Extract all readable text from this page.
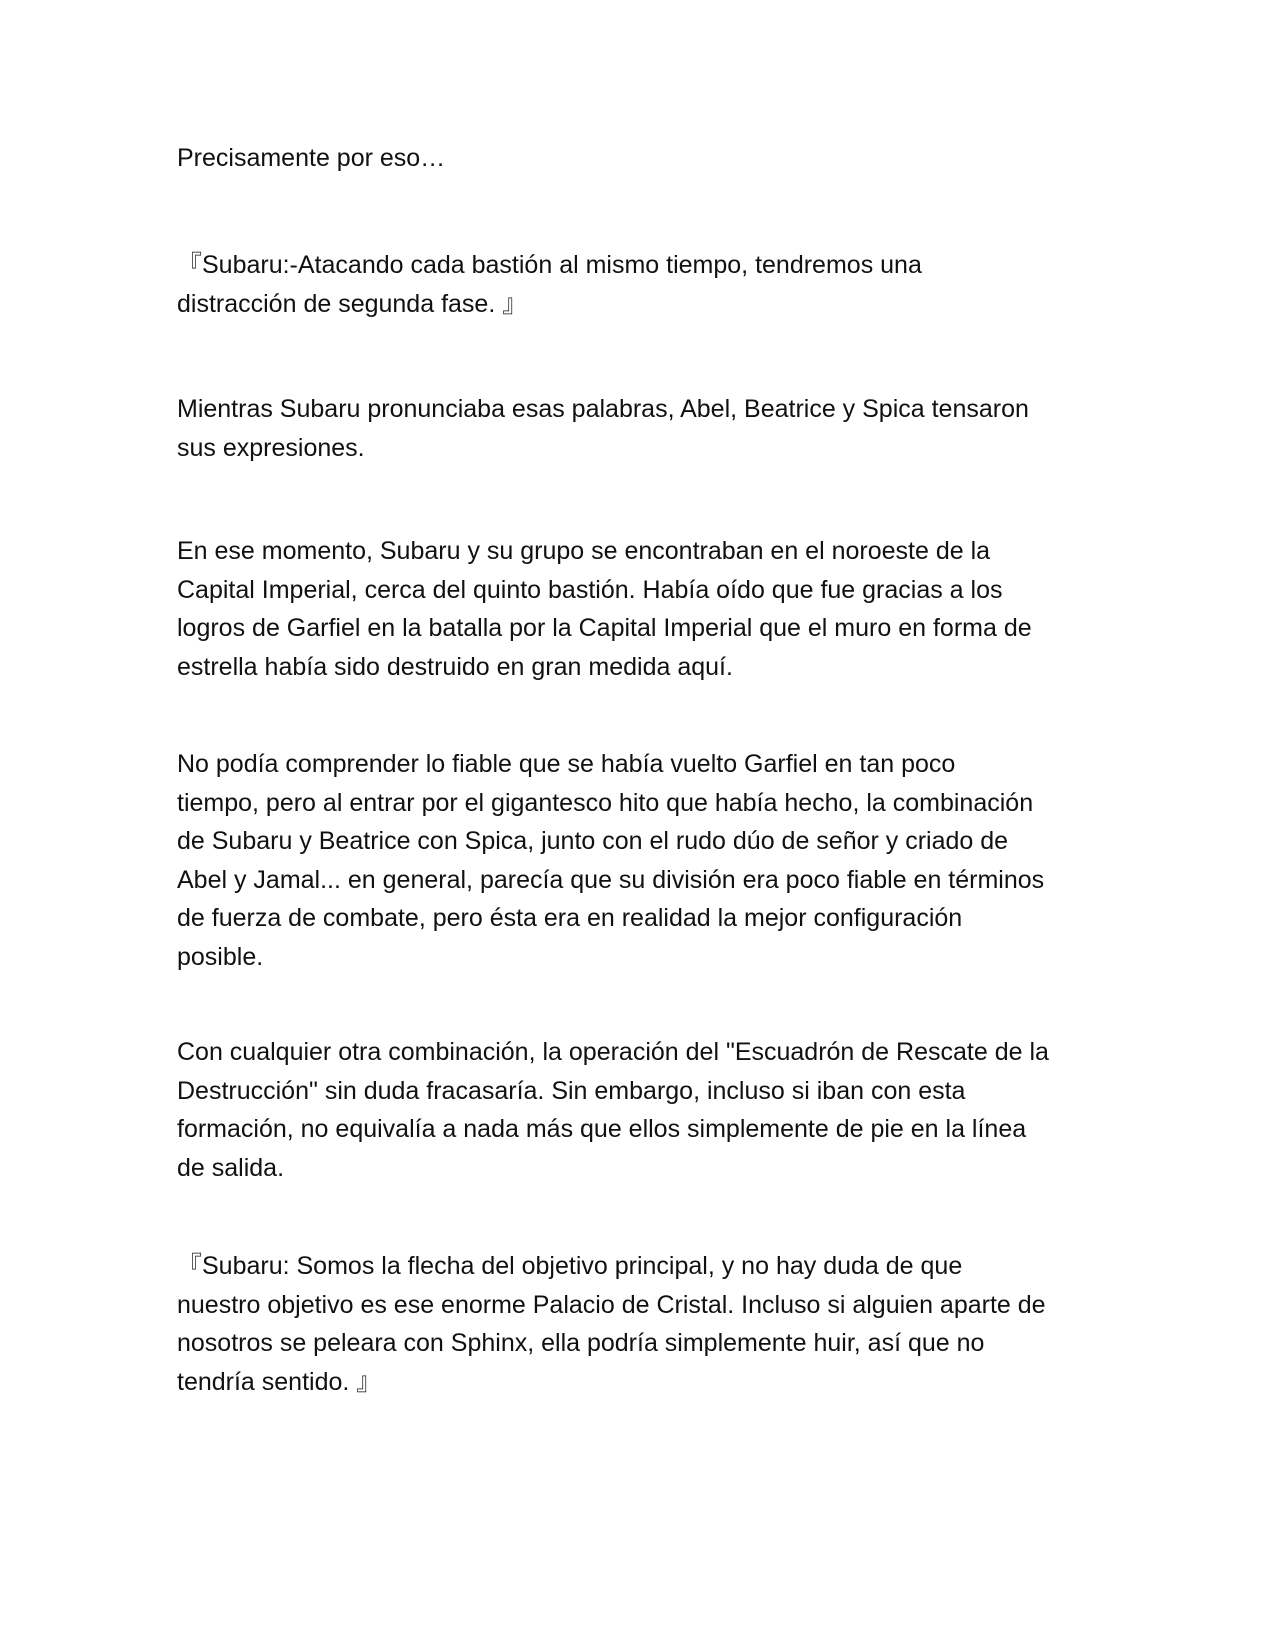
Precisamente por eso…

『Subaru:-Atacando cada bastión al mismo tiempo, tendremos una
distracción de segunda fase. 』

Mientras Subaru pronunciaba esas palabras, Abel, Beatrice y Spica tensaron
sus expresiones.

En ese momento, Subaru y su grupo se encontraban en el noroeste de la
Capital Imperial, cerca del quinto bastión. Había oído que fue gracias a los
logros de Garfiel en la batalla por la Capital Imperial que el muro en forma de
estrella había sido destruido en gran medida aquí.

No podía comprender lo fiable que se había vuelto Garfiel en tan poco
tiempo, pero al entrar por el gigantesco hito que había hecho, la combinación
de Subaru y Beatrice con Spica, junto con el rudo dúo de señor y criado de
Abel y Jamal... en general, parecía que su división era poco fiable en términos
de fuerza de combate, pero ésta era en realidad la mejor configuración
posible.

Con cualquier otra combinación, la operación del "Escuadrón de Rescate de la
Destrucción" sin duda fracasaría. Sin embargo, incluso si iban con esta
formación, no equivalía a nada más que ellos simplemente de pie en la línea
de salida.

『Subaru: Somos la flecha del objetivo principal, y no hay duda de que
nuestro objetivo es ese enorme Palacio de Cristal. Incluso si alguien aparte de
nosotros se peleara con Sphinx, ella podría simplemente huir, así que no
tendría sentido. 』
